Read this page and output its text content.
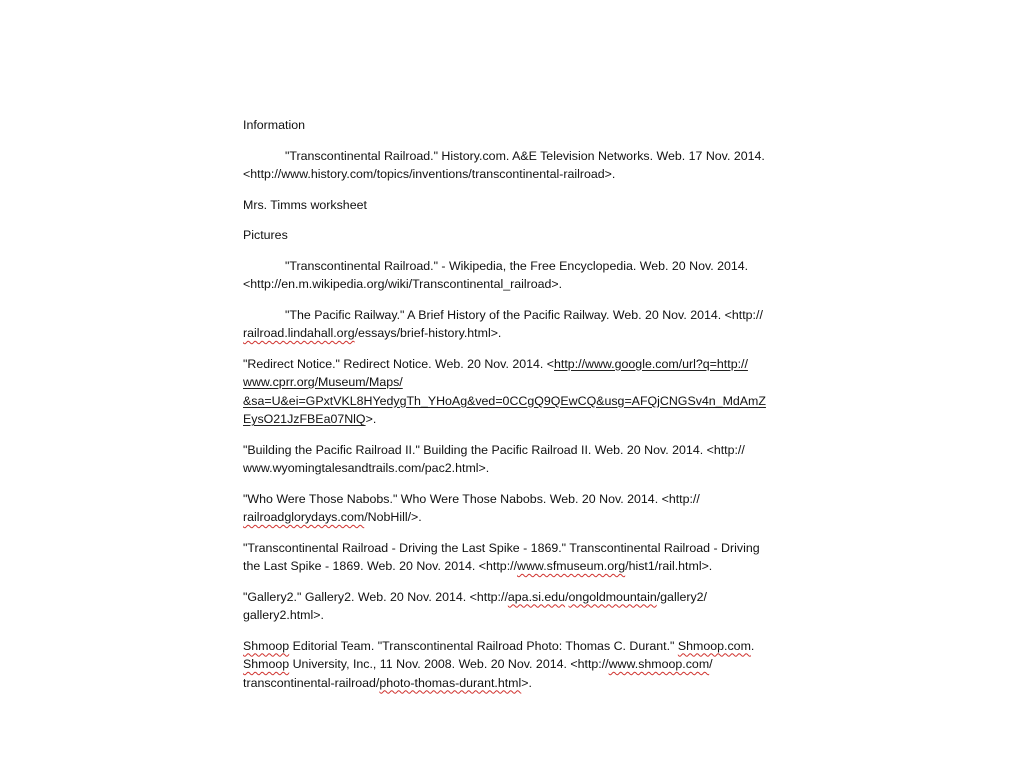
Information
"Transcontinental Railroad." History.com. A&E Television Networks. Web. 17 Nov. 2014.
<http://www.history.com/topics/inventions/transcontinental-railroad>.
Mrs. Timms worksheet
Pictures
"Transcontinental Railroad." - Wikipedia, the Free Encyclopedia. Web. 20 Nov. 2014.
<http://en.m.wikipedia.org/wiki/Transcontinental_railroad>.
"The Pacific Railway." A Brief History of the Pacific Railway. Web. 20 Nov. 2014. <http://
railroad.lindahall.org/essays/brief-history.html>.
"Redirect Notice." Redirect Notice. Web. 20 Nov. 2014. <http://www.google.com/url?q=http://
www.cprr.org/Museum/Maps/
&sa=U&ei=GPxtVKL8HYedygTh_YHoAg&ved=0CCgQ9QEwCQ&usg=AFQjCNGSv4n_MdAmZ
EysO21JzFBEa07NlQ>.
"Building the Pacific Railroad II." Building the Pacific Railroad II. Web. 20 Nov. 2014. <http://
www.wyomingtalesandtrails.com/pac2.html>.
"Who Were Those Nabobs." Who Were Those Nabobs. Web. 20 Nov. 2014. <http://
railroadglorydays.com/NobHill/>.
"Transcontinental Railroad - Driving the Last Spike - 1869." Transcontinental Railroad - Driving
the Last Spike - 1869. Web. 20 Nov. 2014. <http://www.sfmuseum.org/hist1/rail.html>.
"Gallery2." Gallery2. Web. 20 Nov. 2014. <http://apa.si.edu/ongoldmountain/gallery2/
gallery2.html>.
Shmoop Editorial Team. "Transcontinental Railroad Photo: Thomas C. Durant." Shmoop.com.
Shmoop University, Inc., 11 Nov. 2008. Web. 20 Nov. 2014. <http://www.shmoop.com/
transcontinental-railroad/photo-thomas-durant.html>.
